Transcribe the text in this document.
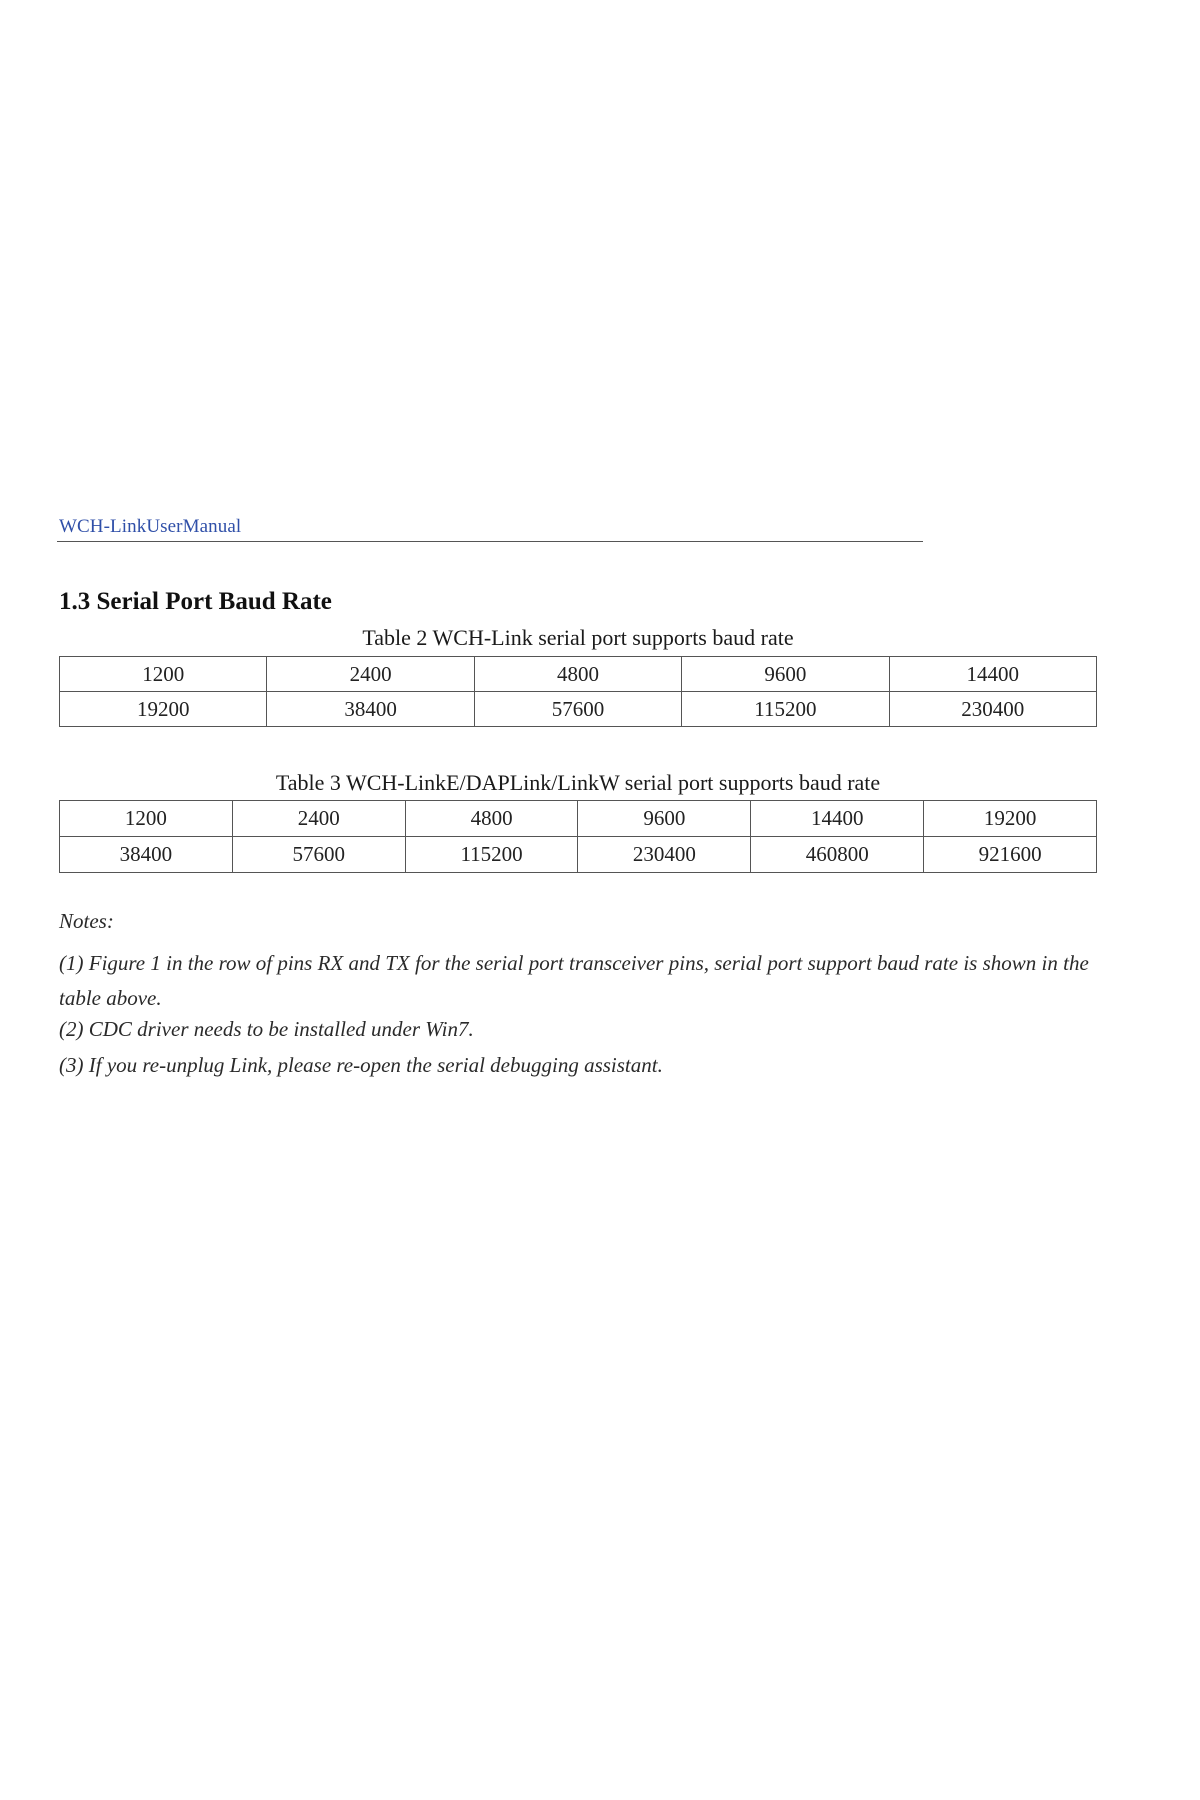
WCH-LinkUserManual
1.3 Serial Port Baud Rate
Table 2 WCH-Link serial port supports baud rate
1200	2400	4800	9600	14400
19200	38400	57600	115200	230400
Table 3 WCH-LinkE/DAPLink/LinkW serial port supports baud rate
1200	2400	4800	9600	14400	19200
38400	57600	115200	230400	460800	921600

Notes:

(1) Figure 1 in the row of pins RX and TX for the serial port transceiver pins, serial port support baud rate is shown in the table above.

(2) CDC driver needs to be installed under Win7.

(3) If you re-unplug Link, please re-open the serial debugging assistant.
